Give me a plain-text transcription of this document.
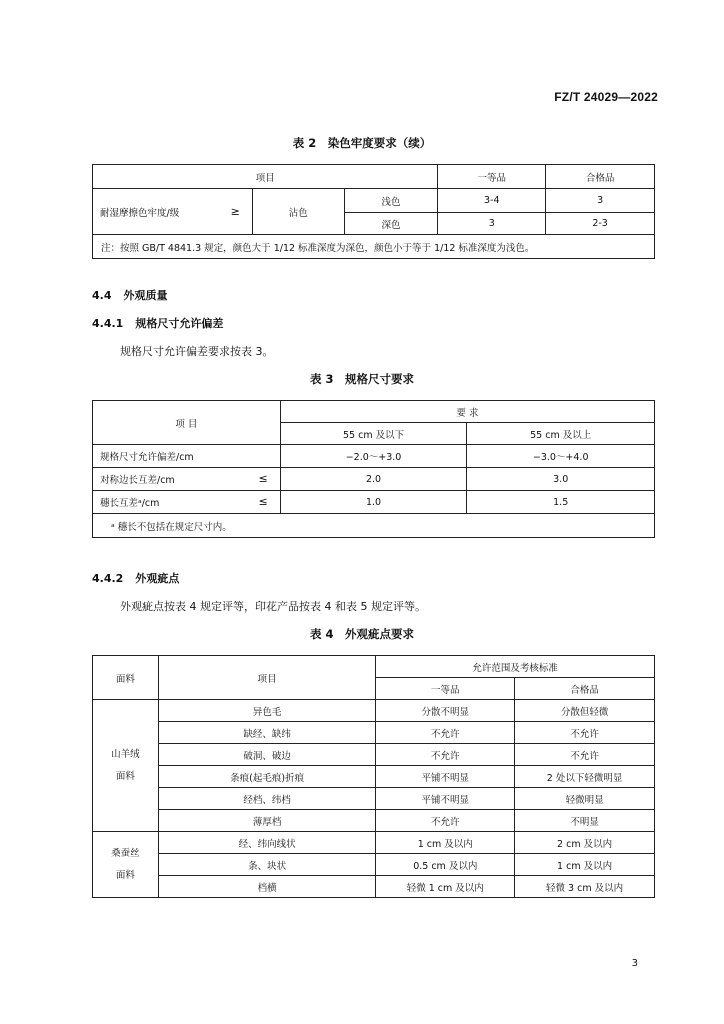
FZ/T 24029—2022
表 2　染色牢度要求（续）
项目			一等品	合格品
耐湿摩擦色牢度/级 ≥	沾色	浅色	3-4	3
		深色	3	2-3
注：按照 GB/T 4841.3 规定，颜色大于 1/12 标准深度为深色，颜色小于等于 1/12 标准深度为浅色。				
4.4 外观质量
4.4.1 规格尺寸允许偏差
规格尺寸允许偏差要求按表 3。
表 3　规格尺寸要求
项 目	要 求	
	55 cm 及以下	55 cm 及以上
规格尺寸允许偏差/cm	−2.0～+3.0	−3.0～+4.0
对称边长互差/cm ≤	2.0	3.0
穗长互差ᵃ/cm ≤	1.0	1.5
ᵃ 穗长不包括在规定尺寸内。		
4.4.2 外观疵点
外观疵点按表 4 规定评等，印花产品按表 4 和表 5 规定评等。
表 4　外观疵点要求
面料	项目	允许范围及考核标准	
		一等品	合格品
山羊绒
面料	异色毛	分散不明显	分散但轻微
	缺经、缺纬	不允许	不允许
	破洞、破边	不允许	不允许
	条痕(起毛痕)折痕	平铺不明显	2 处以下轻微明显
	经档、纬档	平铺不明显	轻微明显
	薄厚档	不允许	不明显
桑蚕丝
面料	经、纬向线状	1 cm 及以内	2 cm 及以内
	条、块状	0.5 cm 及以内	1 cm 及以内
	档横	轻微 1 cm 及以内	轻微 3 cm 及以内
3
